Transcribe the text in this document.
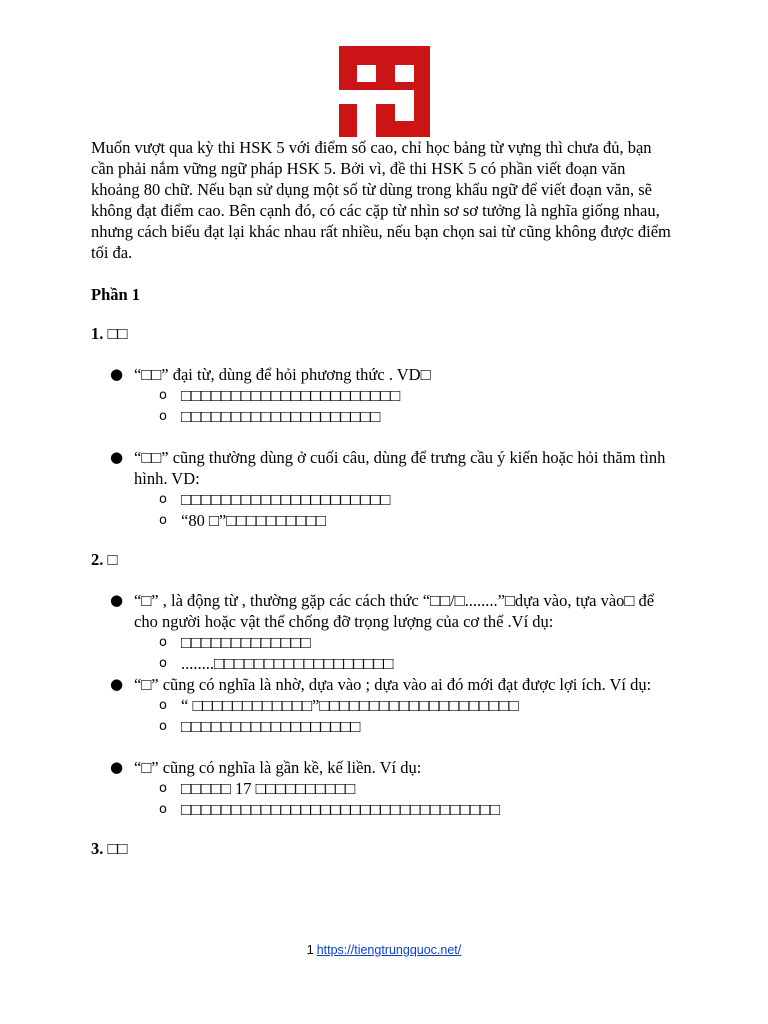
Muốn vượt qua kỳ thi HSK 5 với điểm số cao, chỉ học bảng từ vựng thì chưa đủ, bạn cần phải nắm vững ngữ pháp HSK 5. Bởi vì, đề thi HSK 5 có phần viết đoạn văn khoảng 80 chữ. Nếu bạn sử dụng một số từ dùng trong khẩu ngữ để viết đoạn văn, sẽ không đạt điểm cao. Bên cạnh đó, có các cặp từ nhìn sơ sơ tưởng là nghĩa giống nhau, nhưng cách biểu đạt lại khác nhau rất nhiều, nếu bạn chọn sai từ cũng không được điểm tối đa.

Phần 1

1. □□

● “□□” đại từ, dùng để hỏi phương thức . VD□
o □□□□□□□□□□□□□□□□□□□□□□
o □□□□□□□□□□□□□□□□□□□□
● “□□” cũng thường dùng ở cuối câu, dùng để trưng cầu ý kiến hoặc hỏi thăm tình hình. VD:
o □□□□□□□□□□□□□□□□□□□□□
o “80 □”□□□□□□□□□□

2. □

● “□” , là động từ , thường gặp các cách thức “□□/□........”□dựa vào, tựa vào□ để cho người hoặc vật thể chống đỡ trọng lượng của cơ thể .Ví dụ:
o □□□□□□□□□□□□□
o ........□□□□□□□□□□□□□□□□□□
● “□” cũng có nghĩa là nhờ, dựa vào ; dựa vào ai đó mới đạt được lợi ích. Ví dụ:
o “ □□□□□□□□□□□□”□□□□□□□□□□□□□□□□□□□□
o □□□□□□□□□□□□□□□□□□
● “□” cũng có nghĩa là gần kề, kế liền. Ví dụ:
o □□□□□ 17 □□□□□□□□□□
o □□□□□□□□□□□□□□□□□□□□□□□□□□□□□□□□

3. □□

1 https://tiengtrungquoc.net/
